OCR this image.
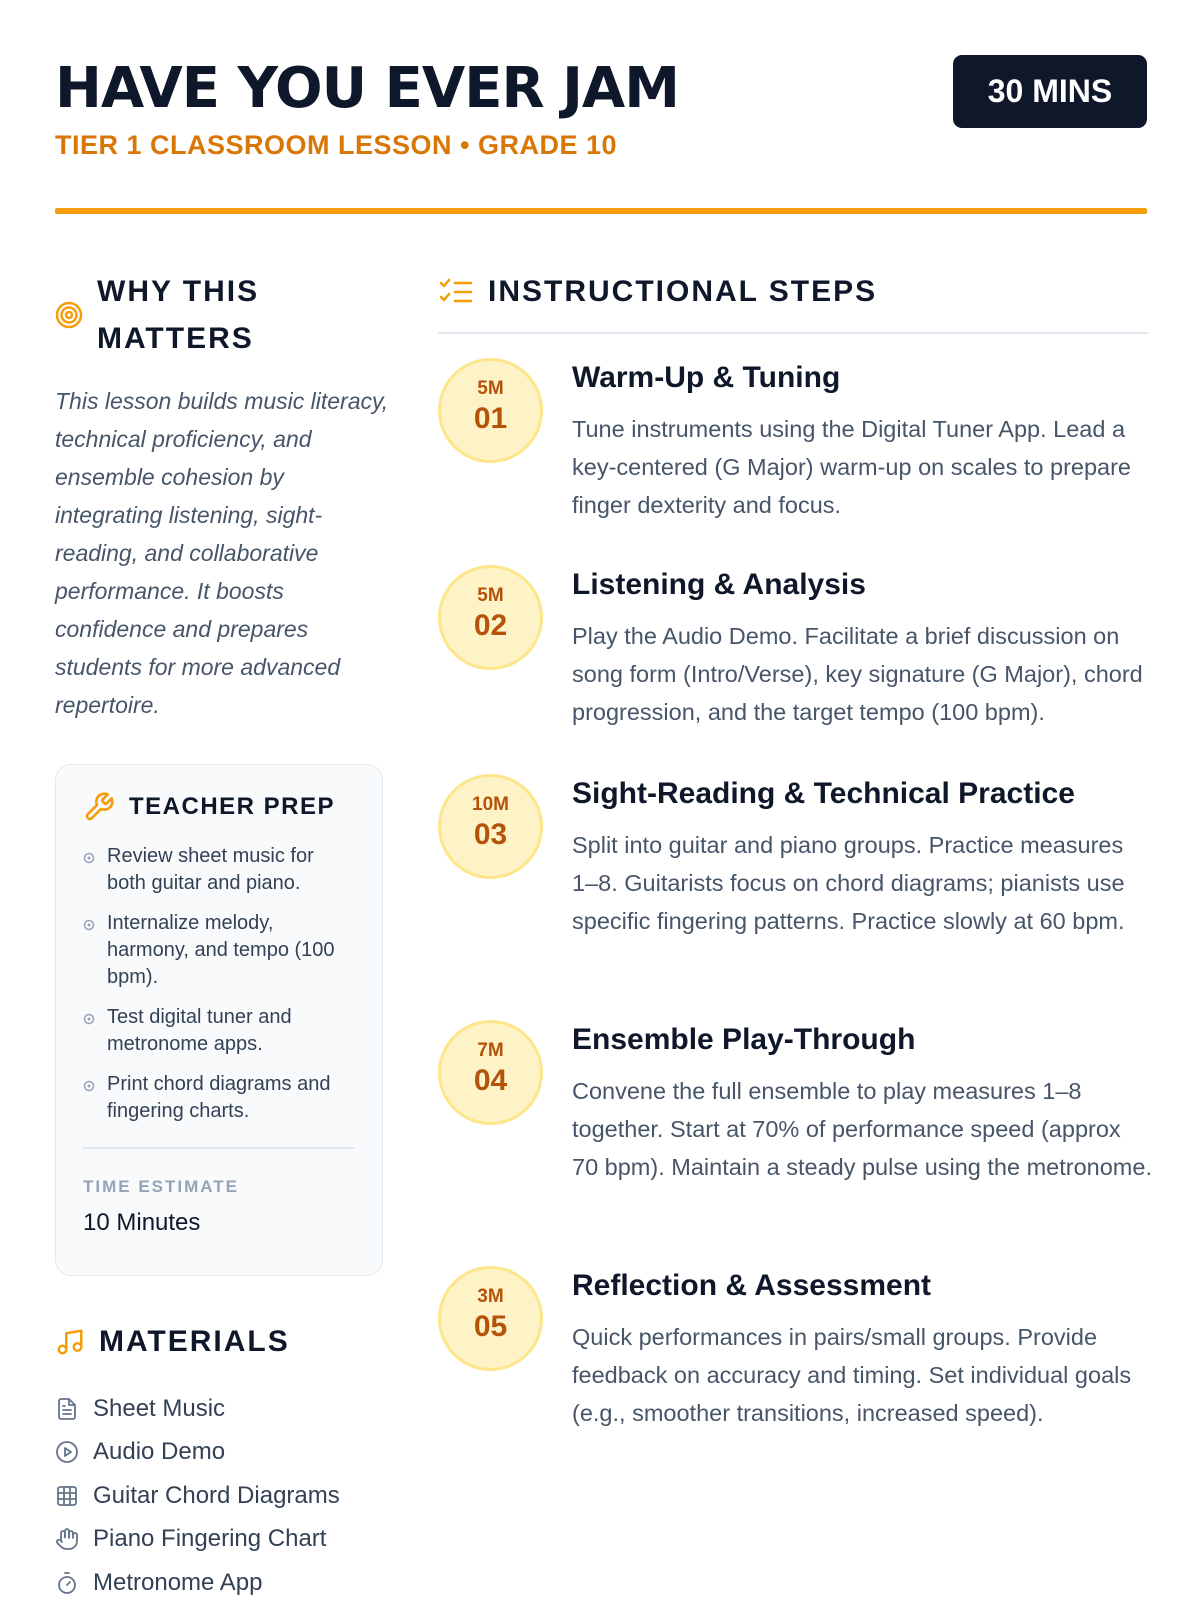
HAVE YOU EVER JAM
TIER 1 CLASSROOM LESSON • GRADE 10
30 MINS
WHY THIS MATTERS

This lesson builds music literacy, technical proficiency, and ensemble cohesion by integrating listening, sight-reading, and collaborative performance. It boosts confidence and prepares students for more advanced repertoire.

TEACHER PREP
Review sheet music for both guitar and piano.
Internalize melody, harmony, and tempo (100 bpm).
Test digital tuner and metronome apps.
Print chord diagrams and fingering charts.
TIME ESTIMATE
10 Minutes
MATERIALS
Sheet Music
Audio Demo
Guitar Chord Diagrams
Piano Fingering Chart
Metronome App
INSTRUCTIONAL STEPS
5M
01
Warm-Up & Tuning
Tune instruments using the Digital Tuner App. Lead a key-centered (G Major) warm-up on scales to prepare finger dexterity and focus.
5M
02
Listening & Analysis
Play the Audio Demo. Facilitate a brief discussion on song form (Intro/Verse), key signature (G Major), chord progression, and the target tempo (100 bpm).
10M
03
Sight-Reading & Technical Practice
Split into guitar and piano groups. Practice measures 1–8. Guitarists focus on chord diagrams; pianists use specific fingering patterns. Practice slowly at 60 bpm.
7M
04
Ensemble Play-Through
Convene the full ensemble to play measures 1–8 together. Start at 70% of performance speed (approx 70 bpm). Maintain a steady pulse using the metronome.
3M
05
Reflection & Assessment
Quick performances in pairs/small groups. Provide feedback on accuracy and timing. Set individual goals (e.g., smoother transitions, increased speed).
